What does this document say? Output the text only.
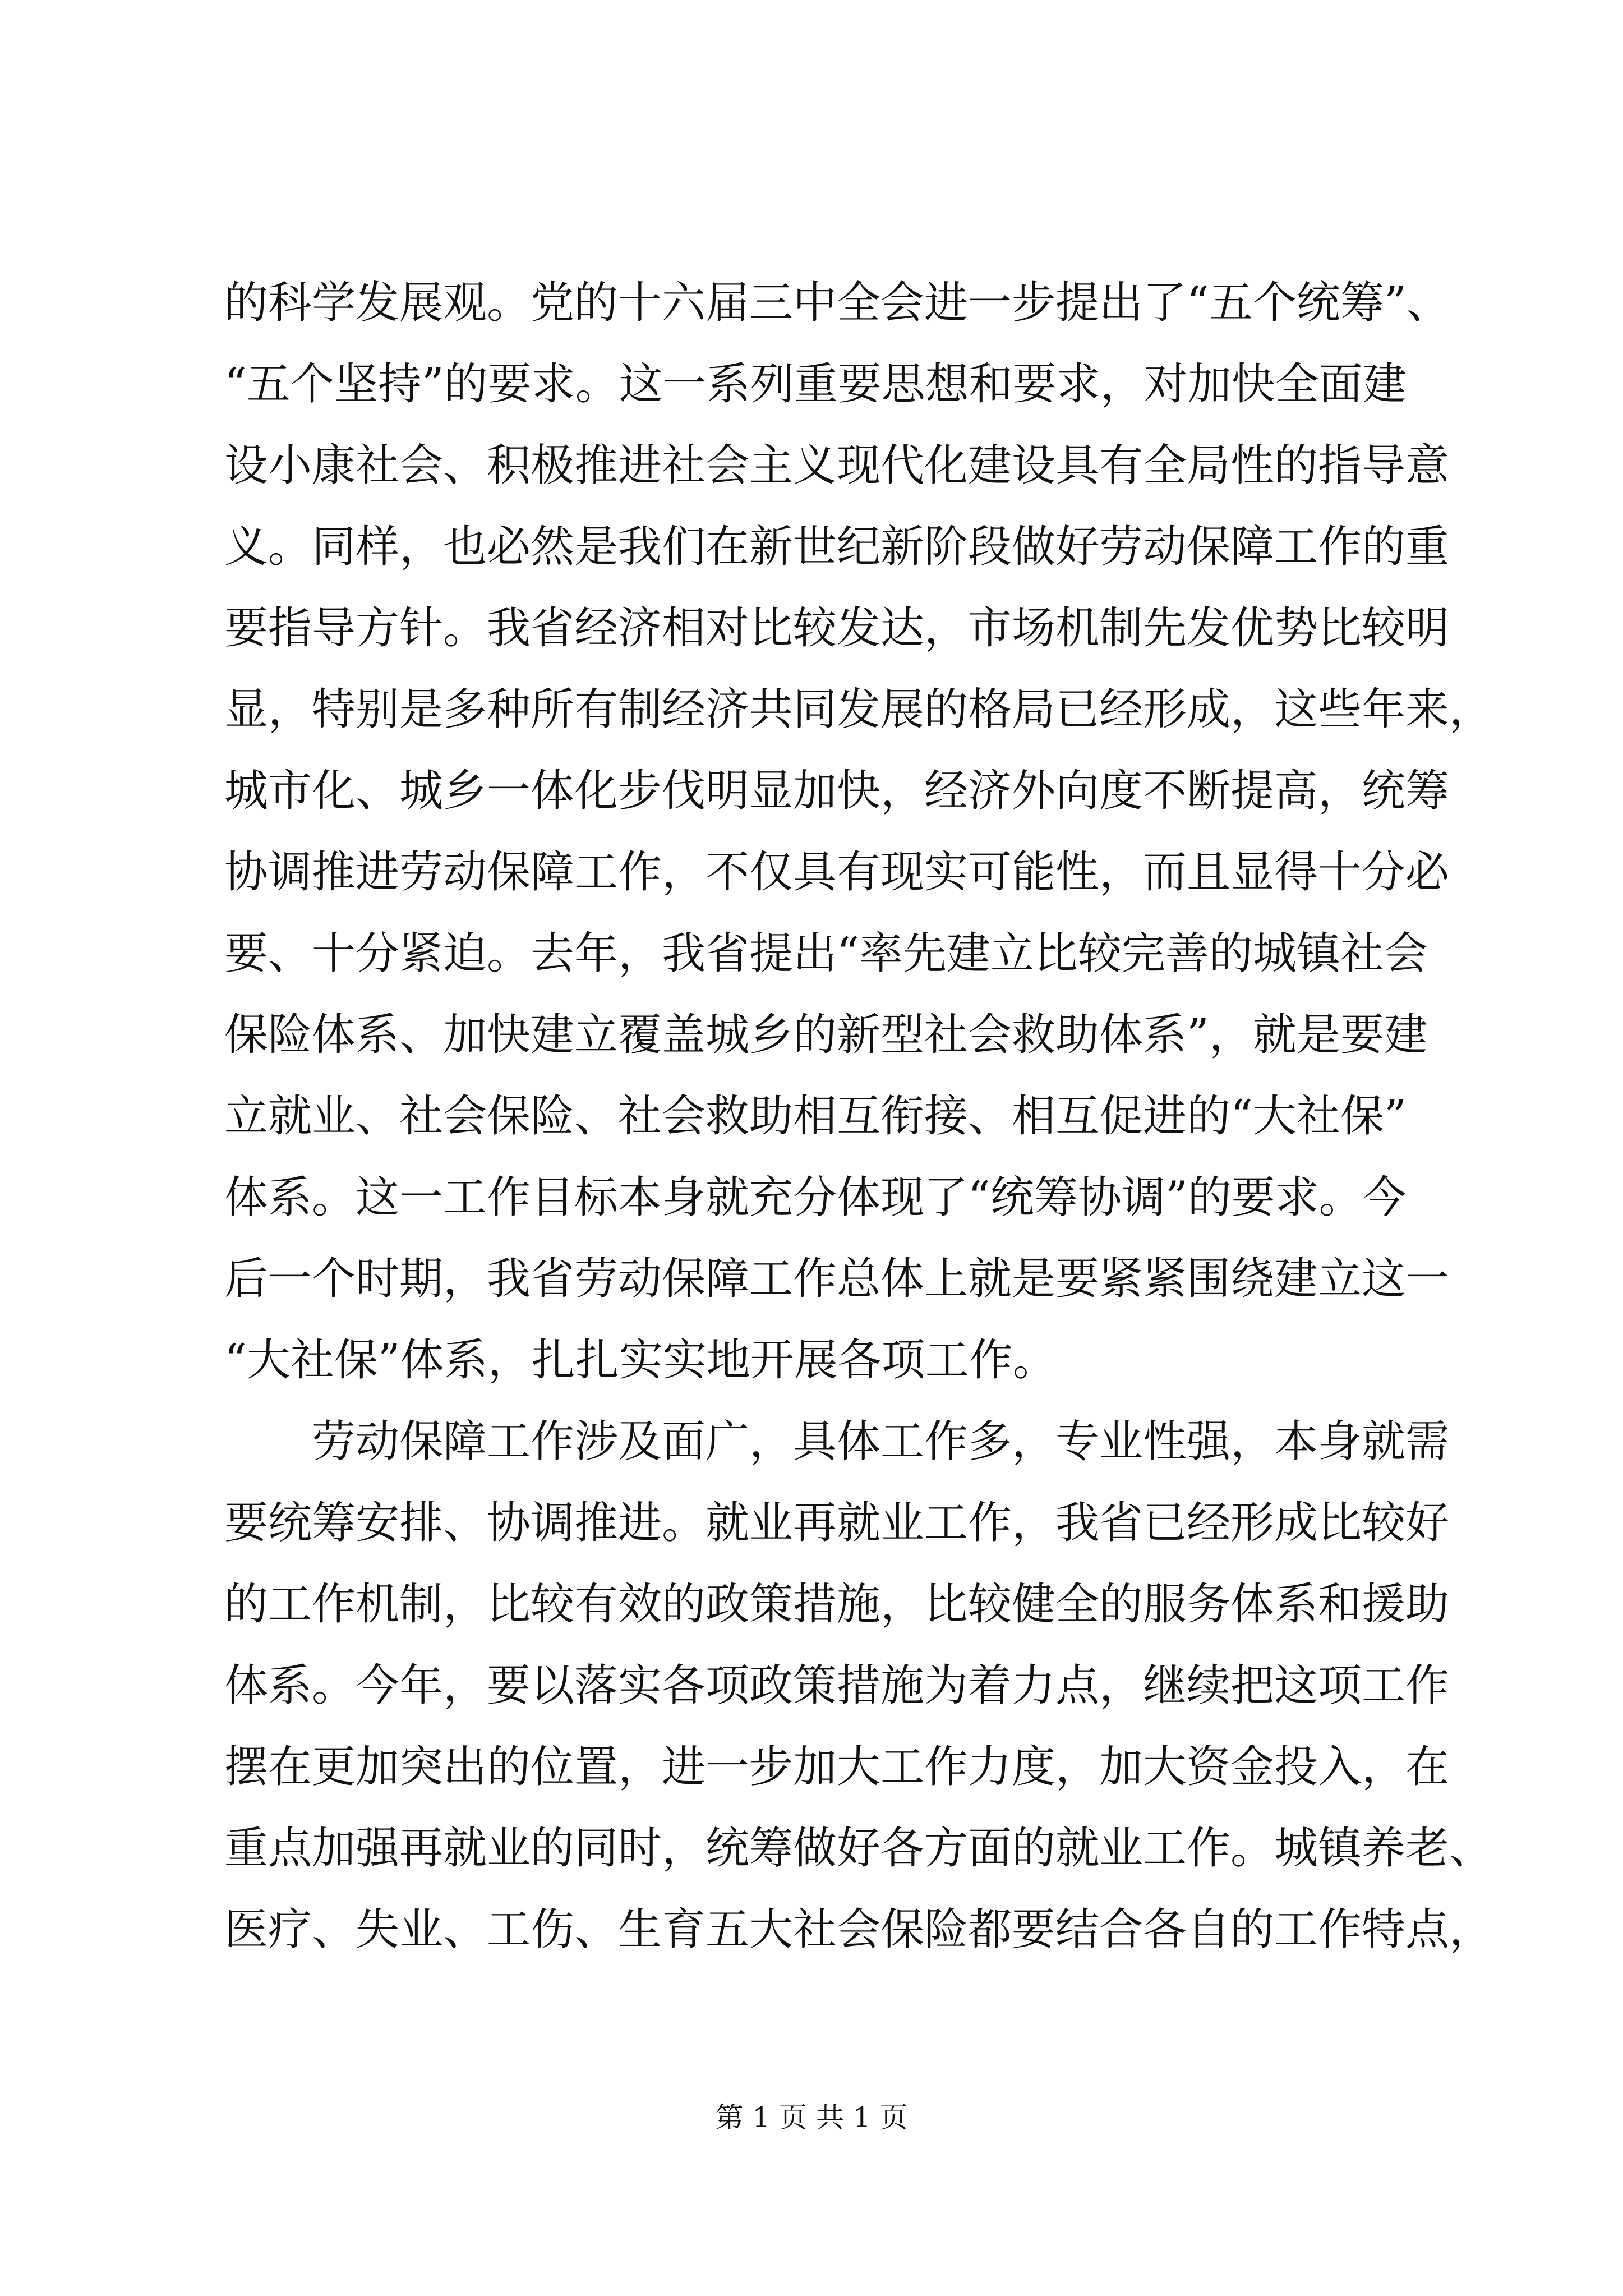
的科学发展观。党的十六届三中全会进一步提出了“五个统筹”、
“五个坚持”的要求。这一系列重要思想和要求，对加快全面建
设小康社会、积极推进社会主义现代化建设具有全局性的指导意
义。同样，也必然是我们在新世纪新阶段做好劳动保障工作的重
要指导方针。我省经济相对比较发达，市场机制先发优势比较明
显，特别是多种所有制经济共同发展的格局已经形成，这些年来，
城市化、城乡一体化步伐明显加快，经济外向度不断提高，统筹
协调推进劳动保障工作，不仅具有现实可能性，而且显得十分必
要、十分紧迫。去年，我省提出“率先建立比较完善的城镇社会
保险体系、加快建立覆盖城乡的新型社会救助体系”，就是要建
立就业、社会保险、社会救助相互衔接、相互促进的“大社保”
体系。这一工作目标本身就充分体现了“统筹协调”的要求。今
后一个时期，我省劳动保障工作总体上就是要紧紧围绕建立这一
“大社保”体系，扎扎实实地开展各项工作。
劳动保障工作涉及面广，具体工作多，专业性强，本身就需
要统筹安排、协调推进。就业再就业工作，我省已经形成比较好
的工作机制，比较有效的政策措施，比较健全的服务体系和援助
体系。今年，要以落实各项政策措施为着力点，继续把这项工作
摆在更加突出的位置，进一步加大工作力度，加大资金投入，在
重点加强再就业的同时，统筹做好各方面的就业工作。城镇养老、
医疗、失业、工伤、生育五大社会保险都要结合各自的工作特点，
第 1 页 共 1 页
